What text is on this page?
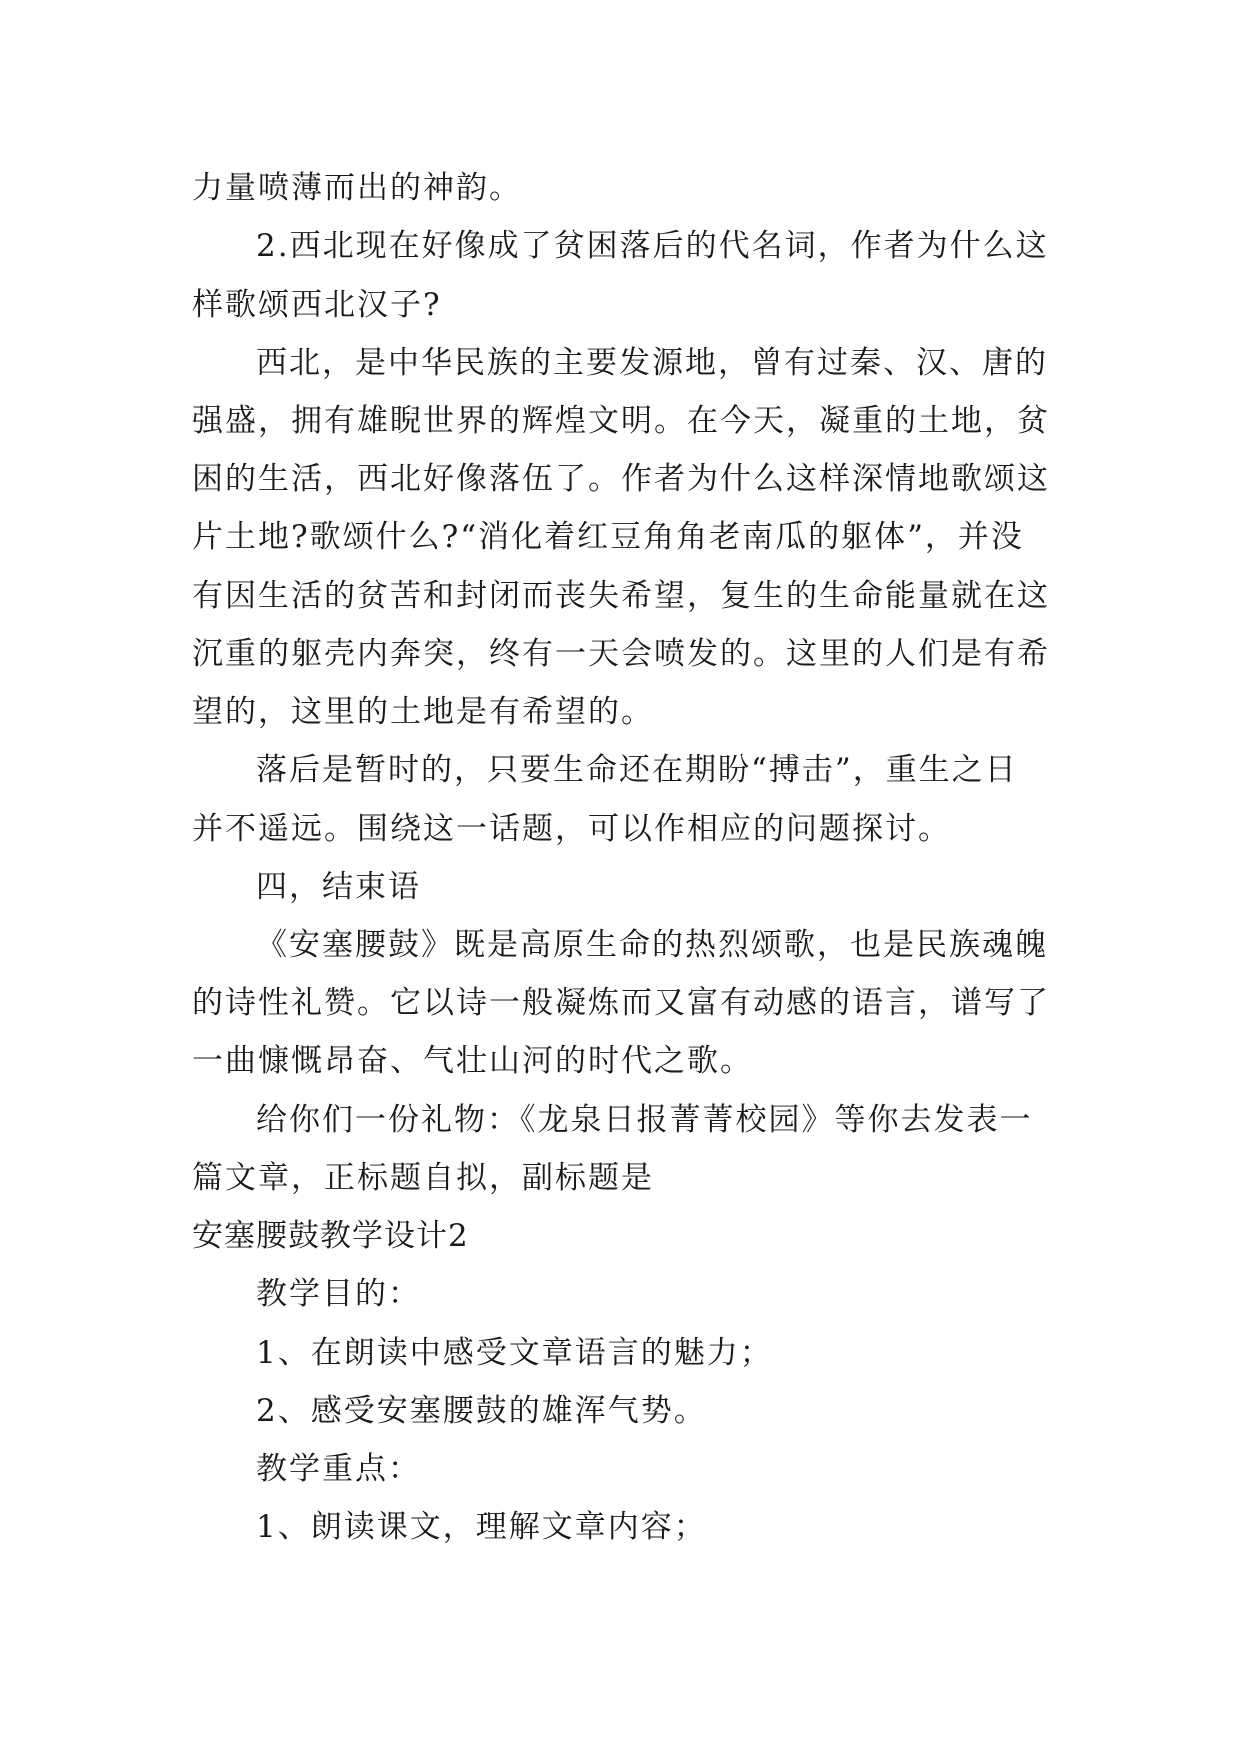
力量喷薄而出的神韵。
2.西北现在好像成了贫困落后的代名词，作者为什么这
样歌颂西北汉子?
西北，是中华民族的主要发源地，曾有过秦、汉、唐的
强盛，拥有雄睨世界的辉煌文明。在今天，凝重的土地，贫
困的生活，西北好像落伍了。作者为什么这样深情地歌颂这
片土地?歌颂什么?“消化着红豆角角老南瓜的躯体”，并没
有因生活的贫苦和封闭而丧失希望，复生的生命能量就在这
沉重的躯壳内奔突，终有一天会喷发的。这里的人们是有希
望的，这里的土地是有希望的。
落后是暂时的，只要生命还在期盼“搏击”，重生之日
并不遥远。围绕这一话题，可以作相应的问题探讨。
四，结束语
《安塞腰鼓》既是高原生命的热烈颂歌，也是民族魂魄
的诗性礼赞。它以诗一般凝炼而又富有动感的语言，谱写了
一曲慷慨昂奋、气壮山河的时代之歌。
给你们一份礼物：《龙泉日报菁菁校园》等你去发表一
篇文章，正标题自拟，副标题是
安塞腰鼓教学设计2
教学目的：
1、在朗读中感受文章语言的魅力；
2、感受安塞腰鼓的雄浑气势。
教学重点：
1、朗读课文，理解文章内容；
